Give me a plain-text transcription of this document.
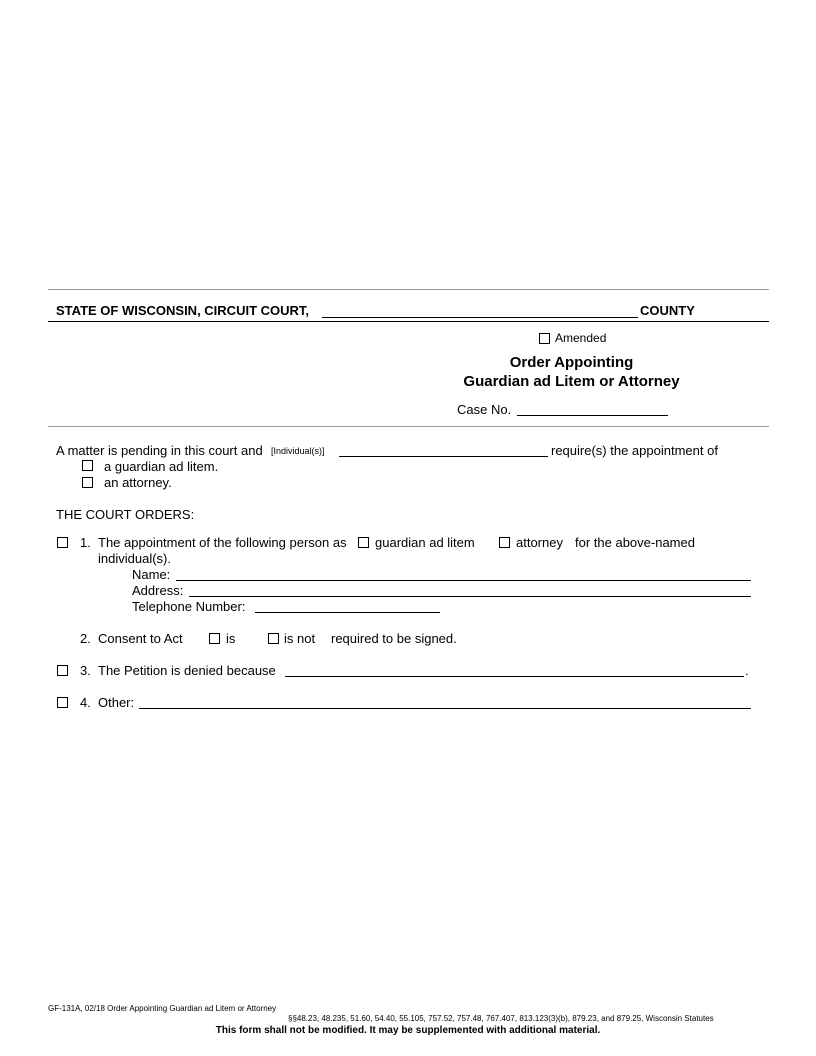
STATE OF WISCONSIN, CIRCUIT COURT,	COUNTY
Amended
Order Appointing
Guardian ad Litem or Attorney
Case No.
A matter is pending in this court and [Individual(s)]	require(s) the appointment of
a guardian ad litem.
an attorney.
THE COURT ORDERS:
1. The appointment of the following person as guardian ad litem	attorney for the above-named
individual(s).
Name:
Address:
Telephone Number:
2. Consent to Act	is	is not required to be signed.
3. The Petition is denied because	.
4. Other:
GF-131A, 02/18 Order Appointing Guardian ad Litem or Attorney
§§48.23, 48.235, 51.60, 54.40, 55.105, 757.52, 757.48, 767.407, 813.123(3)(b), 879.23, and 879.25, Wisconsin Statutes
This form shall not be modified. It may be supplemented with additional material.
